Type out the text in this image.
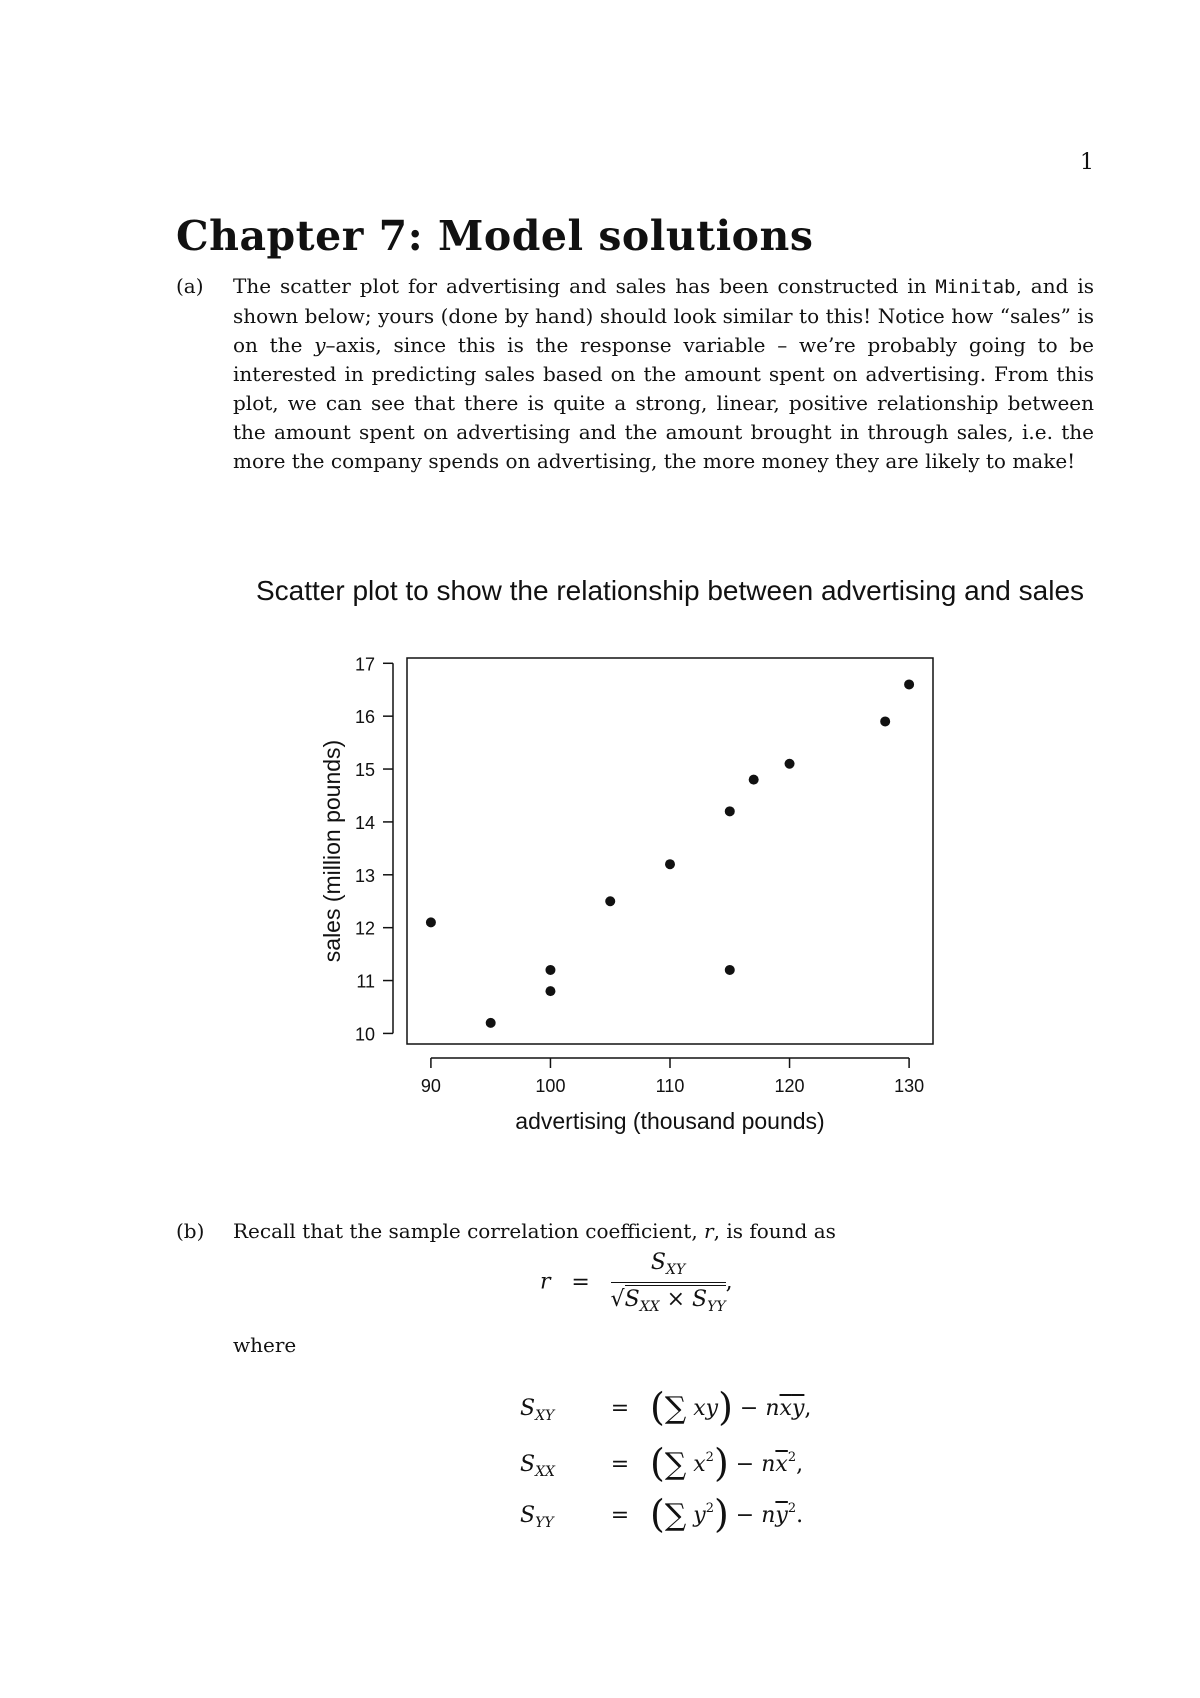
1
Chapter 7: Model solutions
(a) The scatter plot for advertising and sales has been constructed in Minitab, and is shown below; yours (done by hand) should look similar to this! Notice how “sales” is on the y–axis, since this is the response variable – we’re probably going to be interested in predicting sales based on the amount spent on advertising. From this plot, we can see that there is quite a strong, linear, positive relationship between the amount spent on advertising and the amount brought in through sales, i.e. the more the company spends on advertising, the more money they are likely to make!
Scatter plot to show the relationship between advertising and sales
10
11
12
13
14
15
16
17
90	100	110	120	130
advertising (thousand pounds)
sales (million pounds)
(b) Recall that the sample correlation coefficient, r, is found as
$r = \frac{S_{XY}}{√S_{XX} \times S_{YY}}$ ,
where
$S_{XY}$	= (∑ $xy) - n\overline{x}\overline{y}$,
$S_{XX}$	= (∑ $x^2) - n\overline{x}^2$,
$S_{YY}$	= (∑ $y^2) - n\overline{y}^2$.
